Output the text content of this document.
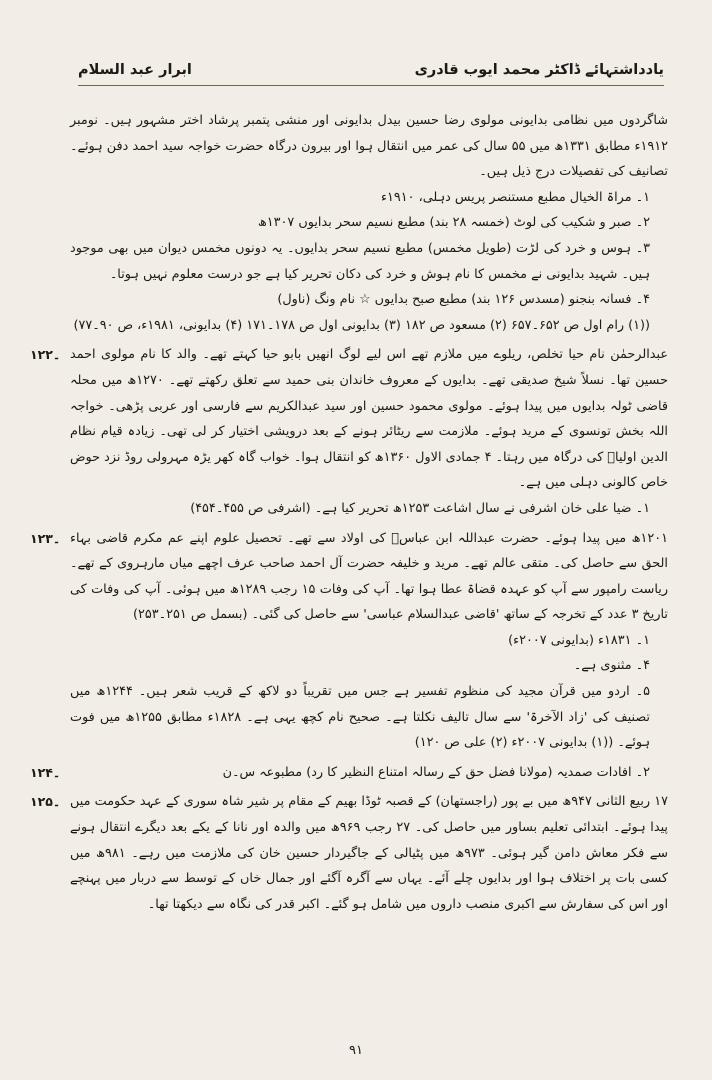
ابرار عبد السلام	یادداشتہائے ڈاکٹر محمد ایوب قادری

شاگردوں میں نظامی بدایونی مولوی رضا حسین بیدل بدایونی اور منشی پتمبر پرشاد اختر مشہور ہیں۔ نومبر ۱۹۱۲ء مطابق ۱۳۳۱ھ میں ۵۵ سال کی عمر میں انتقال ہوا اور بیرون درگاہ حضرت خواجہ سید احمد دفن ہوئے۔ تصانیف کی تفصیلات درج ذیل ہیں۔

۱۔ مراۃ الخیال مطبع مستنصر پریس دہلی، ۱۹۱۰ء

۲۔ صبر و شکیب کی لوٹ (خمسہ ۲۸ بند) مطبع نسیم سحر بدایوں ۱۳۰۷ھ

۳۔ ہوس و خرد کی لڑت (طویل مخمس) مطبع نسیم سحر بدایوں۔ یہ دونوں مخمس دیوان میں بھی موجود ہیں۔ شہید بدایونی نے مخمس کا نام ہوش و خرد کی دکان تحریر کیا ہے جو درست معلوم نہیں ہوتا۔

۴۔ فسانہ بنجنو (مسدس ۱۲۶ بند) مطبع صبح بدایوں ☆ نام ونگ (ناول)

((۱) رام اول ص ۶۵۲۔۶۵۷ (۲) مسعود ص ۱۸۲ (۳) بدایونی اول ص ۱۷۸۔۱۷۱ (۴) بدایونی، ۱۹۸۱ء، ص ۹۰۔۷۷)

۔۱۲۲ عبدالرحمٰن نام حیا تخلص، ریلوے میں ملازم تھے اس لیے لوگ انھیں بابو حیا کہتے تھے۔ والد کا نام مولوی احمد حسین تھا۔ نسلاً شیخ صدیقی تھے۔ بدایوں کے معروف خاندان بنی حمید سے تعلق رکھتے تھے۔ ۱۲۷۰ھ میں محلہ قاضی ٹولہ بدایوں میں پیدا ہوئے۔ مولوی محمود حسین اور سید عبدالکریم سے فارسی اور عربی پڑھی۔ خواجہ اللہ بخش تونسوی کے مرید ہوئے۔ ملازمت سے ریٹائر ہونے کے بعد درویشی اختیار کر لی تھی۔ زیادہ قیام نظام الدین اولیاؒ کی درگاہ میں رہتا۔ ۴ جمادی الاول ۱۳۶۰ھ کو انتقال ہوا۔ خواب گاہ کھر یڑہ مہرولی روڈ نزد حوض خاص کالونی دہلی میں ہے۔

۱۔ ضیا علی خان اشرفی نے سال اشاعت ۱۲۵۳ھ تحریر کیا ہے۔ (اشرفی ص ۴۵۵۔۴۵۴)

۔۱۲۳ ۱۲۰۱ھ میں پیدا ہوئے۔ حضرت عبداللہ ابن عباسؓ کی اولاد سے تھے۔ تحصیل علوم اپنے عم مکرم قاضی بہاء الحق سے حاصل کی۔ متقی عالم تھے۔ مرید و خلیفہ حضرت آل احمد صاحب عرف اچھے میاں مارہروی کے تھے۔ ریاست رامپور سے آپ کو عہدہ قضاۃ عطا ہوا تھا۔ آپ کی وفات ۱۵ رجب ۱۲۸۹ھ میں ہوئی۔ آپ کی وفات کی تاریخ ۳ عدد کے تخرجہ کے ساتھ 'قاضی عبدالسلام عباسی' سے حاصل کی گئی۔ (بسمل ص ۲۵۱۔۲۵۳)

۱۔ ۱۸۳۱ء (بدایونی ۲۰۰۷ء)

۴۔ مثنوی ہے۔

۵۔ اردو میں قرآن مجید کی منظوم تفسیر ہے جس میں تقریباً دو لاکھ کے قریب شعر ہیں۔ ۱۲۴۴ھ میں تصنیف کی 'زاد الآخرۃ' سے سال تالیف نکلتا ہے۔ صحیح نام کچھ یہی ہے۔ ۱۸۲۸ء مطابق ۱۲۵۵ھ میں فوت ہوئے۔ ((۱) بدایونی ۲۰۰۷ء (۲) علی ص ۱۲۰)

۔۱۲۴	۲۔ افادات صمدیہ (مولانا فضل حق کے رسالہ امتناع النظیر کا رد) مطبوعہ س۔ن

۔۱۲۵ ۱۷ ربیع الثانی ۹۴۷ھ میں بے پور (راجستھان) کے قصبہ ٹوڈا بھیم کے مقام پر شیر شاہ سوری کے عہد حکومت میں پیدا ہوئے۔ ابتدائی تعلیم بساور میں حاصل کی۔ ۲۷ رجب ۹۶۹ھ میں والدہ اور نانا کے یکے بعد دیگرے انتقال ہونے سے فکر معاش دامن گیر ہوئی۔ ۹۷۳ھ میں پٹیالی کے جاگیردار حسین خان کی ملازمت میں رہے۔ ۹۸۱ھ میں کسی بات پر اختلاف ہوا اور بدایوں چلے آئے۔ یہاں سے آگرہ آگئے اور جمال خاں کے توسط سے دربار میں پہنچے اور اس کی سفارش سے اکبری منصب داروں میں شامل ہو گئے۔ اکبر قدر کی نگاہ سے دیکھتا تھا۔

۹۱
